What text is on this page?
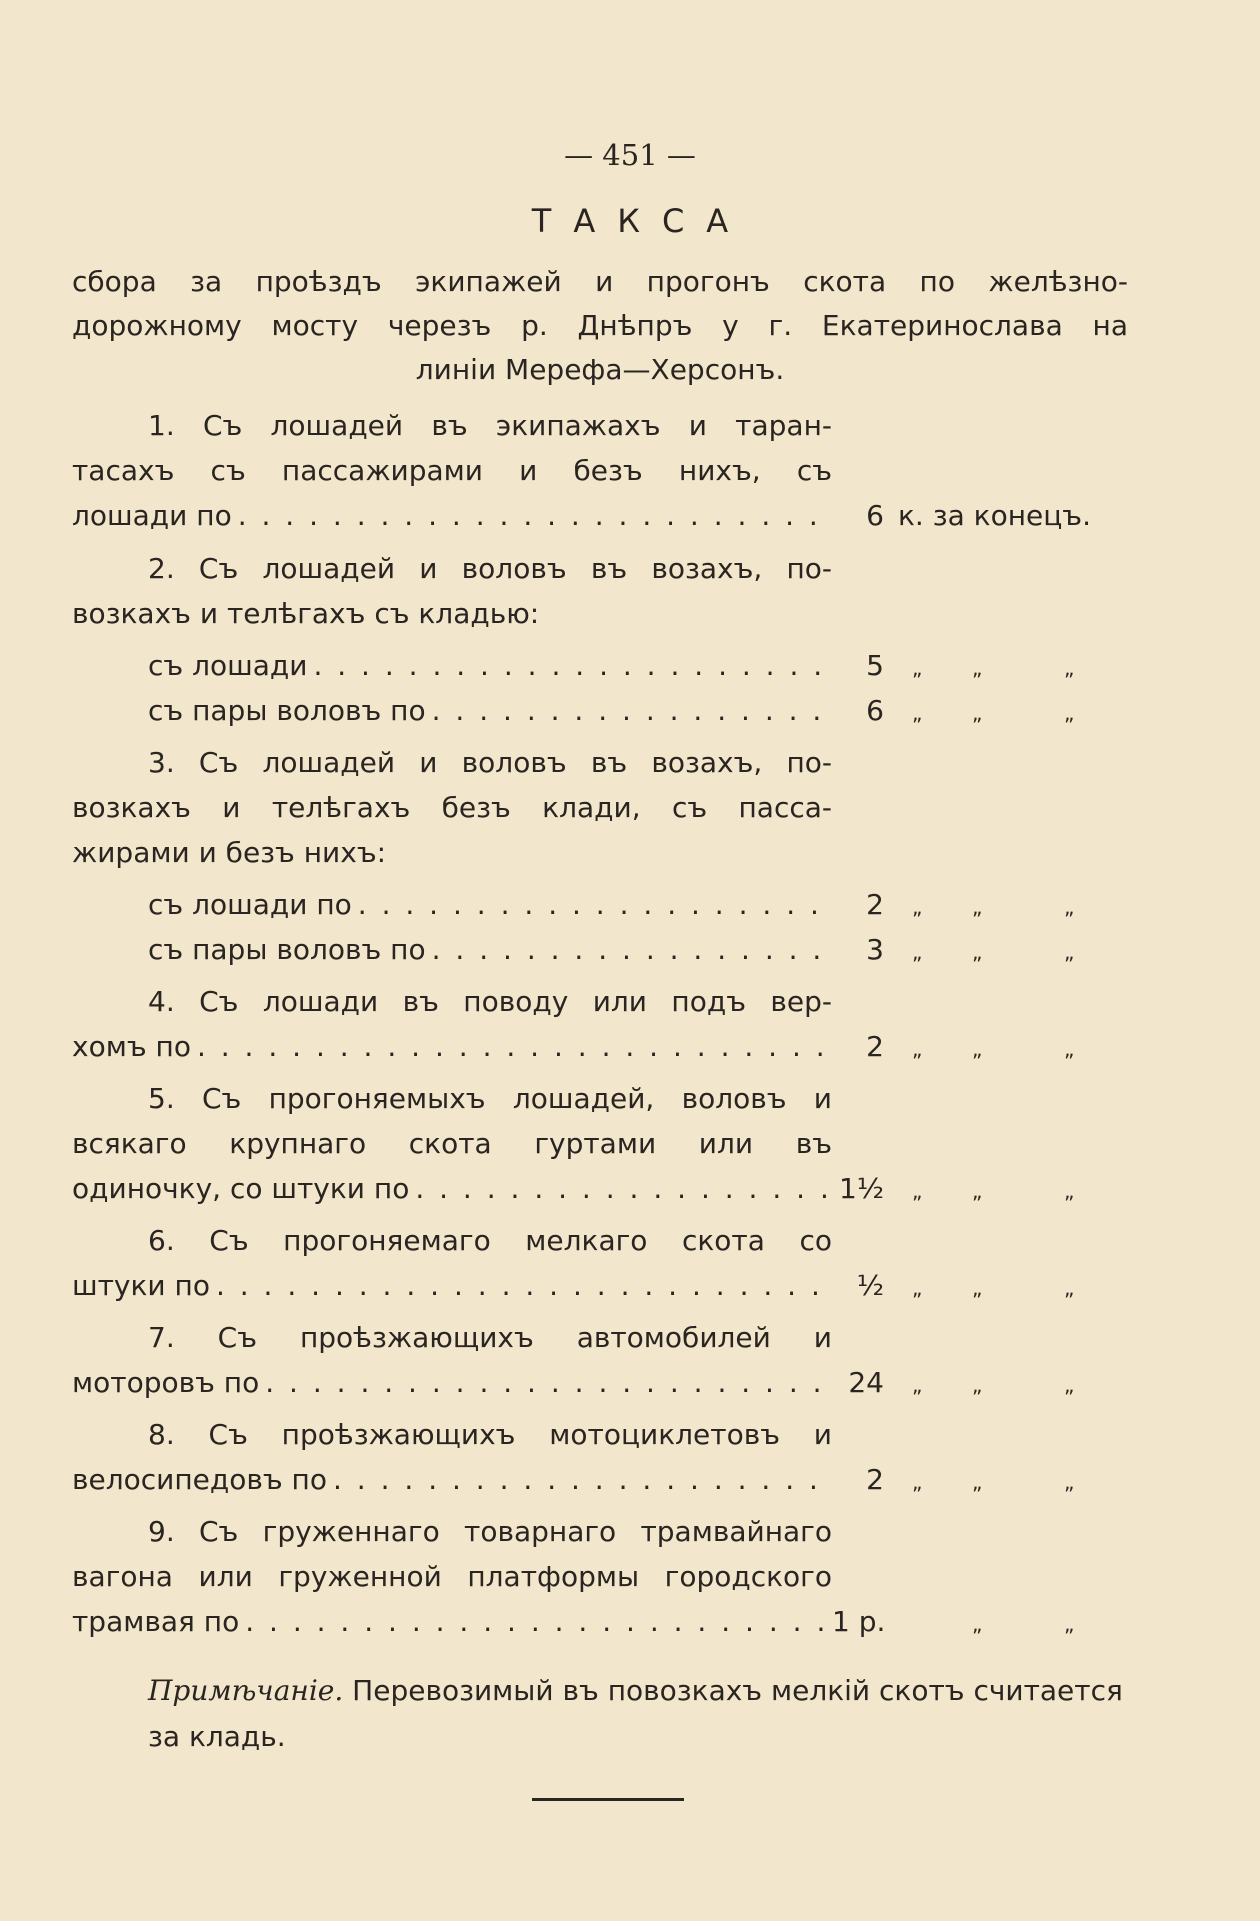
— 451 —
ТАКСА
сбора за проѣздъ экипажей и прогонъ скота по желѣзно-
дорожному мосту черезъ р. Днѣпръ у г. Екатеринослава на
линіи Мерефа—Херсонъ.
1. Съ лошадей въ экипажахъ и таран-
тасахъ съ пассажирами и безъ нихъ, съ
лошади по . . .	6 к. за конецъ.
2. Съ лошадей и воловъ въ возахъ, по-
возкахъ и телѣгахъ съ кладью:
съ лошади . . .	5 „ „	„
съ пары воловъ по . . .	6 „ „	„
3. Съ лошадей и воловъ въ возахъ, по-
возкахъ и телѣгахъ безъ клади, съ пасса-
жирами и безъ нихъ:
съ лошади по . . .	2 „ „	„
съ пары воловъ по . . .	3 „ „	„
4. Съ лошади въ поводу или подъ вер-
хомъ по . . .	2 „ „	„
5. Съ прогоняемыхъ лошадей, воловъ и
всякаго крупнаго скота гуртами или въ
одиночку, со штуки по . . .	1½ „ „	„
6. Съ прогоняемаго мелкаго скота со
штуки по . . .	½ „ „	„
7. Съ проѣзжающихъ автомобилей и
моторовъ по . . .	24 „ „	„
8. Съ проѣзжающихъ мотоциклетовъ и
велосипедовъ по . . .	2 „ „	„
9. Съ груженнаго товарнаго трамвайнаго
вагона или груженной платформы городского
трамвая по . . .	1 р.	„	„
Примѣчаніе. Перевозимый въ повозкахъ мелкій скотъ считается за кладь.
